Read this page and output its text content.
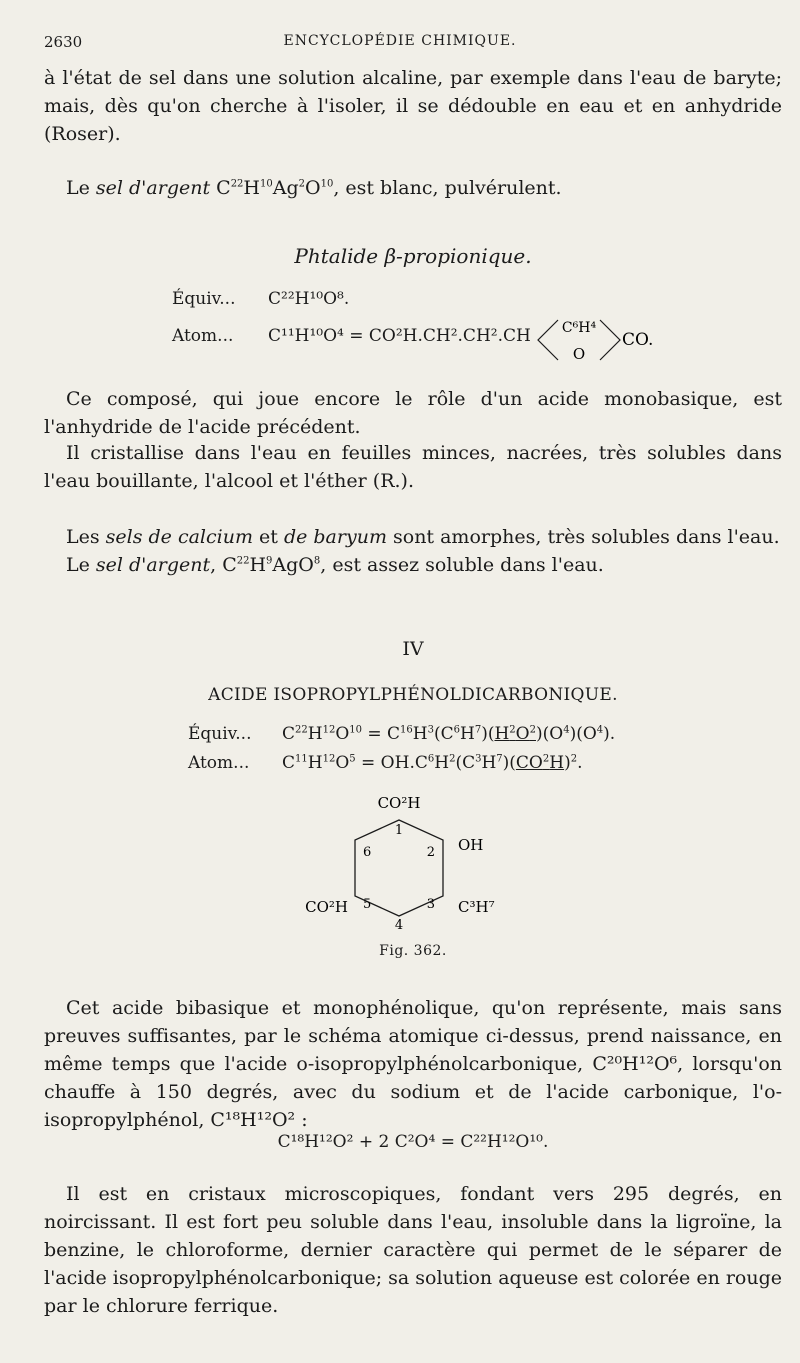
2630	ENCYCLOPÉDIE CHIMIQUE.

à l'état de sel dans une solution alcaline, par exemple dans l'eau de baryte; mais, dès qu'on cherche à l'isoler, il se dédouble en eau et en anhydride (Roser).

Le sel d'argent $C^{22}H^{10}Ag^2O^{10}$, est blanc, pulvérulent.

Phtalide β-propionique.

Équiv... C²²H¹⁰O⁸.
Atom... C¹¹H¹⁰O⁴ = CO²H.CH².CH².CH C⁶H⁴
O
CO.

Ce composé, qui joue encore le rôle d'un acide monobasique, est l'anhydride de l'acide précédent.

Il cristallise dans l'eau en feuilles minces, nacrées, très solubles dans l'eau bouillante, l'alcool et l'éther (R.).

Les sels de calcium et de baryum sont amorphes, très solubles dans l'eau.

Le sel d'argent, $C^{22}H^9AgO^8$, est assez soluble dans l'eau.

IV

ACIDE ISOPROPYLPHÉNOLDICARBONIQUE.

Équiv... $C^{22}H^{12}O^{10} = C^{16}H^3(C^6H^7)(H^2O^2)(O^4)(O^4)$.
Atom... $C^{11}H^{12}O^5 = OH.C^6H^2(C^3H^7)(CO^2H)^2$.
CO²H
OH
C³H⁷
CO²H
1
2
3
4
5
6
Fig. 362.

Cet acide bibasique et monophénolique, qu'on représente, mais sans preuves suffisantes, par le schéma atomique ci-dessus, prend naissance, en même temps que l'acide o-isopropylphénolcarbonique, C²⁰H¹²O⁶, lorsqu'on chauffe à 150 degrés, avec du sodium et de l'acide carbonique, l'o-isopropylphénol, C¹⁸H¹²O² :

C¹⁸H¹²O² + 2 C²O⁴ = C²²H¹²O¹⁰.

Il est en cristaux microscopiques, fondant vers 295 degrés, en noircissant. Il est fort peu soluble dans l'eau, insoluble dans la ligroïne, la benzine, le chloroforme, dernier caractère qui permet de le séparer de l'acide isopropylphénolcarbonique; sa solution aqueuse est colorée en rouge par le chlorure ferrique.
